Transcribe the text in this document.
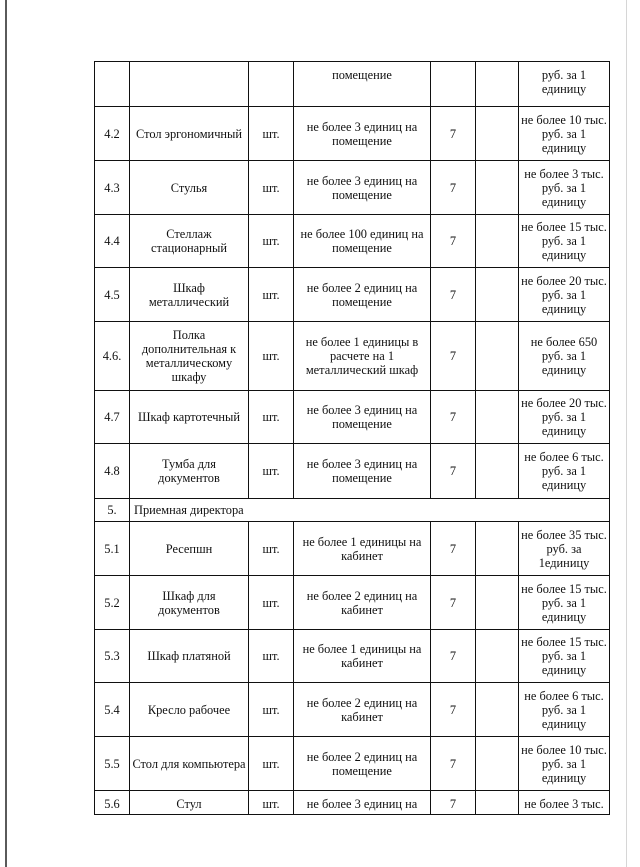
			помещение			руб. за 1 единицу
4.2	Стол эргономичный	шт.	не более 3 единиц на помещение	7		не более 10 тыс. руб. за 1 единицу
4.3	Стулья	шт.	не более 3 единиц на помещение	7		не более 3 тыс. руб. за 1 единицу
4.4	Стеллаж стационарный	шт.	не более 100 единиц на помещение	7		не более 15 тыс. руб. за 1 единицу
4.5	Шкаф металлический	шт.	не более 2 единиц на помещение	7		не более 20 тыс. руб. за 1 единицу
4.6.	Полка дополнительная к металлическому шкафу	шт.	не более 1 единицы в расчете на 1 металлический шкаф	7		не более 650 руб. за 1 единицу
4.7	Шкаф картотечный	шт.	не более 3 единиц на помещение	7		не более 20 тыс. руб. за 1 единицу
4.8	Тумба для документов	шт.	не более 3 единиц на помещение	7		не более 6 тыс. руб. за 1 единицу
5.	Приемная директора					
5.1	Ресепшн	шт.	не более 1 единицы на кабинет	7		не более 35 тыс. руб. за 1единицу
5.2	Шкаф для документов	шт.	не более 2 единиц на кабинет	7		не более 15 тыс. руб. за 1 единицу
5.3	Шкаф платяной	шт.	не более 1 единицы на кабинет	7		не более 15 тыс. руб. за 1 единицу
5.4	Кресло рабочее	шт.	не более 2 единиц на кабинет	7		не более 6 тыс. руб. за 1 единицу
5.5	Стол для компьютера	шт.	не более 2 единиц на помещение	7		не более 10 тыс. руб. за 1 единицу
5.6	Стул	шт.	не более 3 единиц на	7		не более 3 тыс.
